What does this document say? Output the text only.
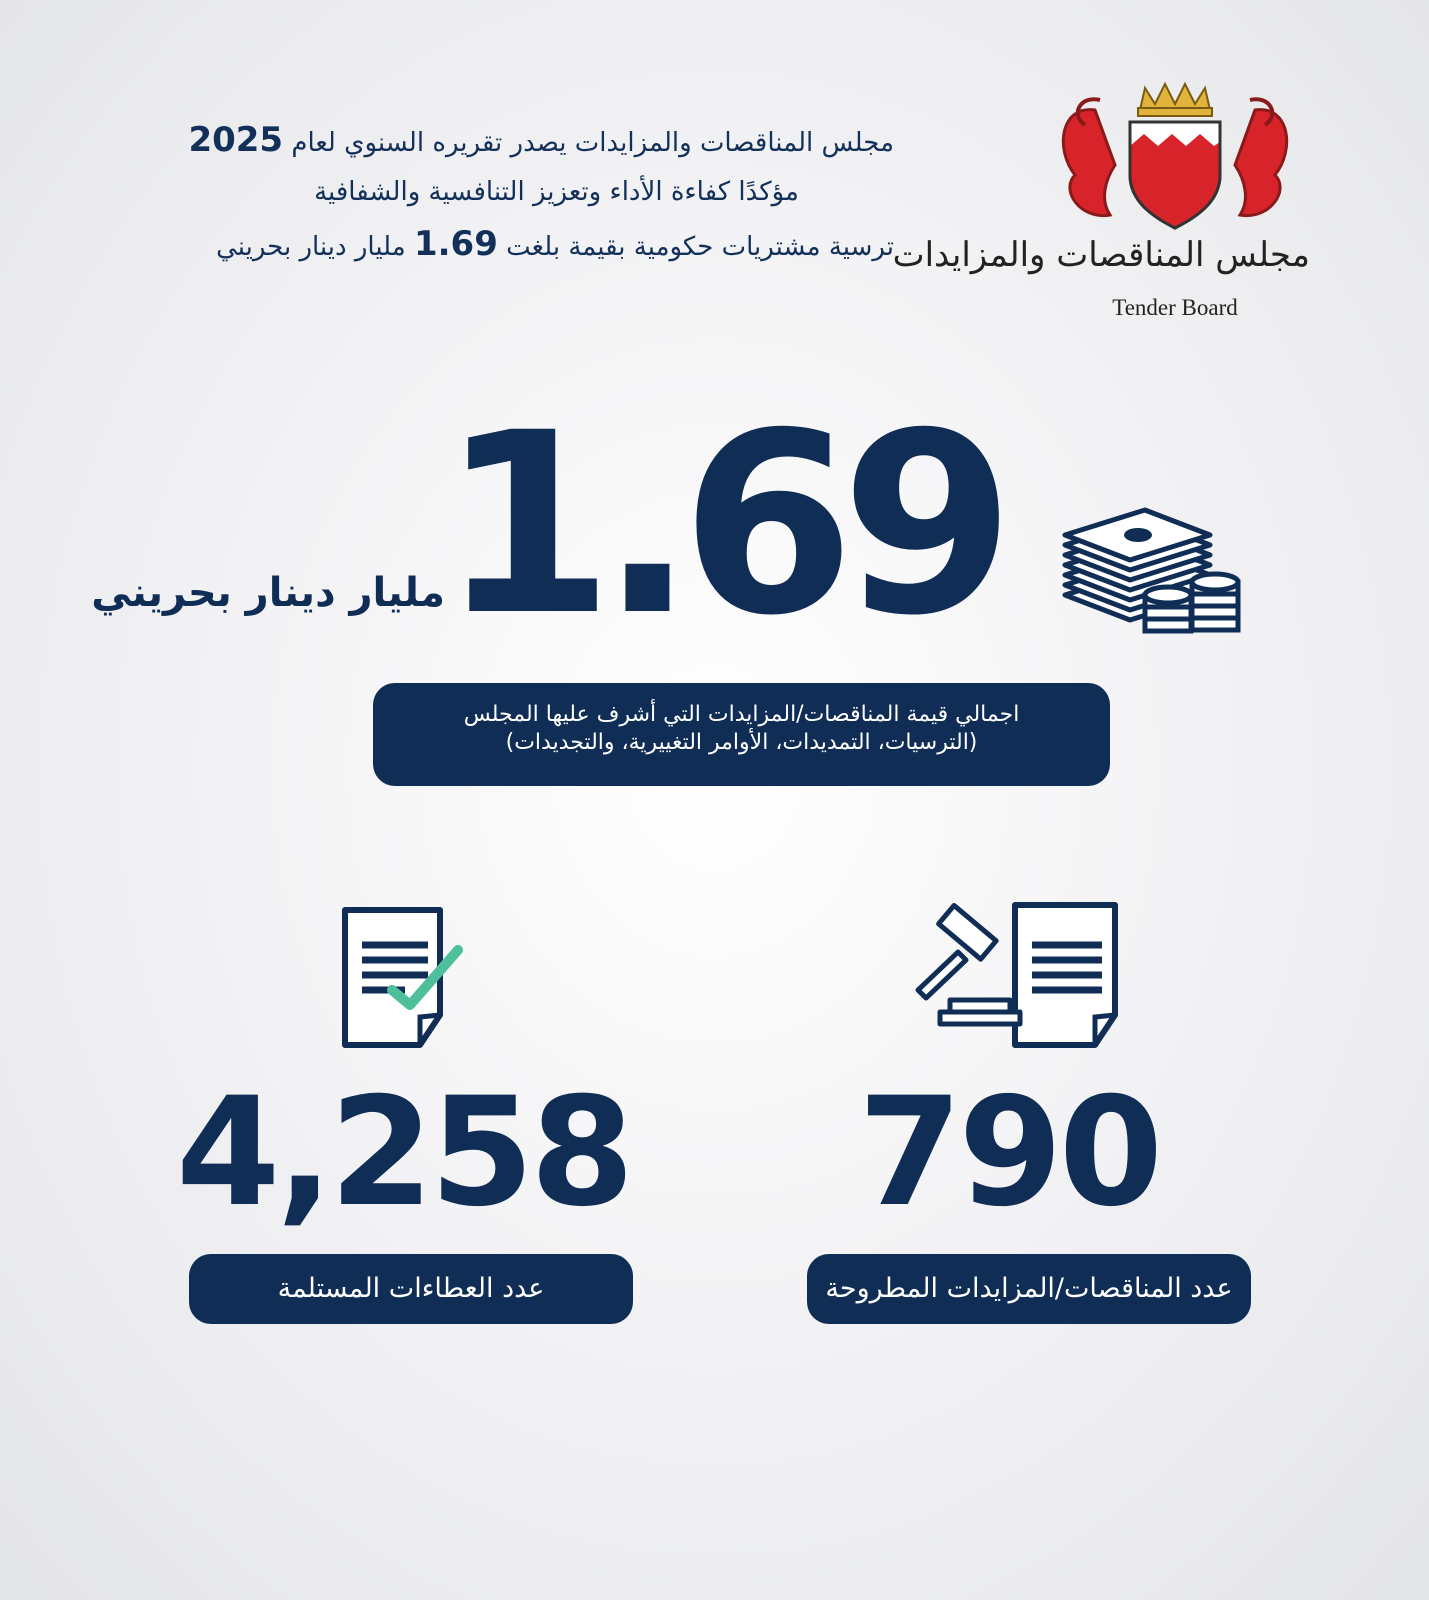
مجلس المناقصات والمزايدات يصدر تقريره السنوي لعام 2025
مؤكدًا كفاءة الأداء وتعزيز التنافسية والشفافية
ترسية مشتريات حكومية بقيمة بلغت 1.69 مليار دينار بحريني	مجلس المناقصات والمزايدات
Tender Board
1.69
مليار دينار بحريني
اجمالي قيمة المناقصات/المزايدات التي أشرف عليها المجلس
(الترسيات، التمديدات، الأوامر التغييرية، والتجديدات)
4,258
عدد العطاءات المستلمة
790
عدد المناقصات/المزايدات المطروحة
